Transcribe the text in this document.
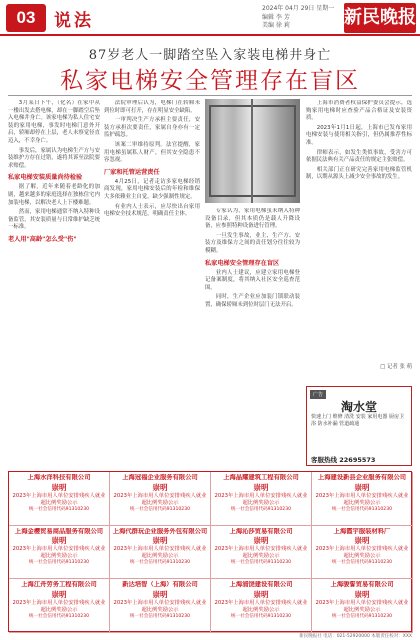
03	说法
2024年 04月 29日 星期一
编辑 李 芳
美编 徐 莉	新民晚报
87岁老人一脚踏空坠入家装电梯井身亡
私家电梯安全管理存在盲区

3月某日下午，（化名）在家中从一楼出发去搭电梯，却在一脚踏空后坠入电梯井身亡。该家电梯为私人住宅安装的家用电梯，事发时电梯门意外开启，轿厢却停在上层，老人未察觉径直迈入，不幸身亡。

事发后，家属认为电梯生产方与安装维护方存在过错，遂将其诉至法院要求赔偿。

私家电梯安装质量尚待检验

据了解，近年来随着老龄化的加剧，越来越多的家庭选择在独栋住宅内加装电梯，以解决老人上下楼难题。

然而，家用电梯通常不纳入特种设备监管，其安装质量与日常维护缺乏统一标准。

老人用"高龄"怎么受"伤"

法院审理后认为，电梯门在轿厢未到位时即可打开，存在明显安全缺陷。

一审判决生产方承担主要责任，安装方承担次要责任，家属自身亦有一定监护疏忽。

该案二审维持原判。法官提醒，家用电梯虽属私人财产，但其安全隐患不容忽视。

厂家和托管运营责任

4月25日，记者走访多家电梯经销商发现，家用电梯安装后的年检和维保大多依赖业主自觉，缺少强制性规定。

有业内人士表示，应尽快出台家用电梯安全技术规范，明确责任主体。

专家认为，家用电梯虽未纳入特种设备目录，但其本质仍是载人升降设备，应参照特种设备进行管理。

一旦发生事故，业主、生产方、安装方及维保方之间的责任划分往往较为模糊。

私家电梯安全管理存在盲区

业内人士建议，应建立家用电梯登记备案制度，将其纳入社区安全巡查范围。

同时，生产企业应加装门锁联动装置，确保轿厢未到位时层门无法开启。

上海市消费者权益保护委员会提示，选购家用电梯时应查验产品合格证及安装资质。

2023年1月1日起，上海市已发布家用电梯安装与使用相关指引，但仍属推荐性标准。

律师表示，如发生类似事故，受害方可依据民法典有关产品责任的规定主张赔偿。

相关部门正在研究完善家用电梯监管机制，以期从源头上减少安全事故的发生。

□ 记者 张 萌
广告
淘水堂
快速上门 维修 清洗 安装 家用电器 厨房卫浴 防水补漏 管道疏通
客服热线 22695573
上海水洋科技有限公司
崇明
2023年上海市用人单位安排残疾人就业超比例奖励公示
统一社会信用代码91310230
上海冠福企业服务有限公司
崇明
2023年上海市用人单位安排残疾人就业超比例奖励公示
统一社会信用代码91310230
上海晶耀建筑工程有限公司
崇明
2023年上海市用人单位安排残疾人就业超比例奖励公示
统一社会信用代码91310230
上海建设新县企业服务有限公司
崇明
2023年上海市用人单位安排残疾人就业超比例奖励公示
统一社会信用代码91310230
上海金樱贸易商品服务有限公司
崇明
2023年上海市用人单位安排残疾人就业超比例奖励公示
统一社会信用代码91310230
上海代群玩企业服务外包有限公司
崇明
2023年上海市用人单位安排残疾人就业超比例奖励公示
统一社会信用代码91310230
上海沁莎贸易有限公司
崇明
2023年上海市用人单位安排残疾人就业超比例奖励公示
统一社会信用代码91310230
上海霞宇服装材料厂
崇明
2023年上海市用人单位安排残疾人就业超比例奖励公示
统一社会信用代码91310230
上海江舟劳务工程有限公司
崇明
2023年上海市用人单位安排残疾人就业超比例奖励公示
统一社会信用代码91310230
新达培智（上海）有限公司
崇明
2023年上海市用人单位安排残疾人就业超比例奖励公示
统一社会信用代码91310230
上海浦饶建设有限公司
崇明
2023年上海市用人单位安排残疾人就业超比例奖励公示
统一社会信用代码91310230
上海骏誓贸易有限公司
崇明
2023年上海市用人单位安排残疾人就业超比例奖励公示
统一社会信用代码91310230
新民晚报社 电话：021-52920000 本版责任校对：XXX
